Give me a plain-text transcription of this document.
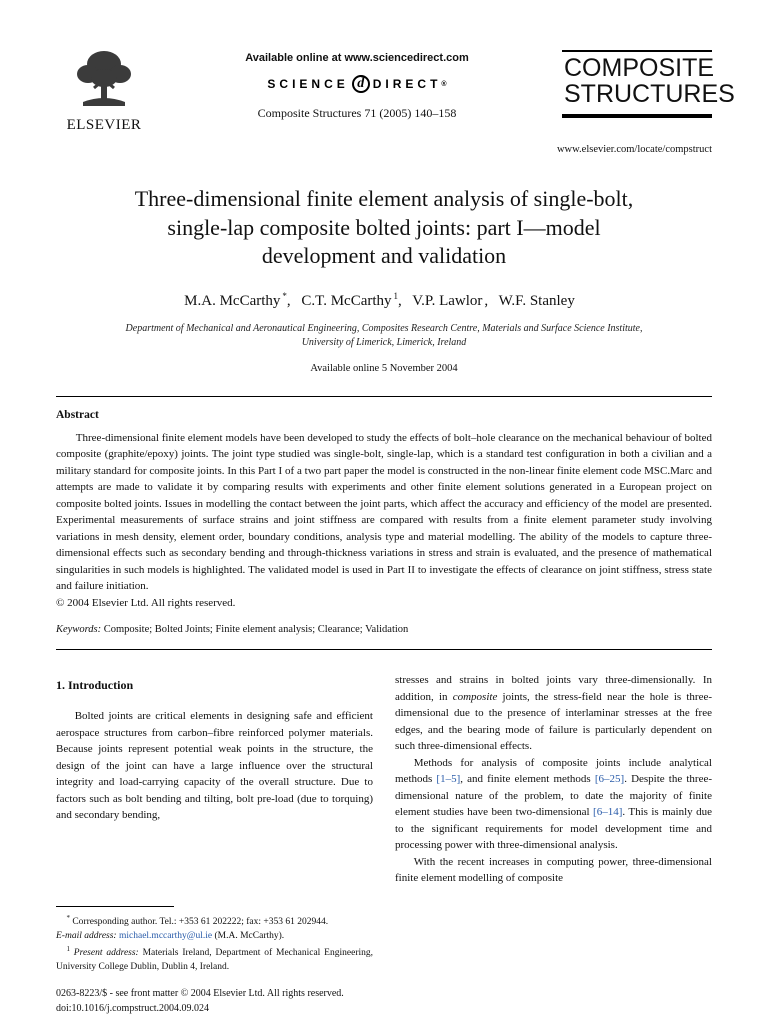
ELSEVIER
Available online at www.sciencedirect.com
SCIENCE d DIRECT ®
Composite Structures 71 (2005) 140–158
COMPOSITE
STRUCTURES
www.elsevier.com/locate/compstruct
Three-dimensional finite element analysis of single-bolt,
single-lap composite bolted joints: part I—model
development and validation
M.A. McCarthy *, C.T. McCarthy $^1$, V.P. Lawlor , W.F. Stanley
Department of Mechanical and Aeronautical Engineering, Composites Research Centre, Materials and Surface Science Institute,
University of Limerick, Limerick, Ireland
Available online 5 November 2004
Abstract

Three-dimensional finite element models have been developed to study the effects of bolt–hole clearance on the mechanical behaviour of bolted composite (graphite/epoxy) joints. The joint type studied was single-bolt, single-lap, which is a standard test configuration in both a civilian and a military standard for composite joints. In this Part I of a two part paper the model is constructed in the non-linear finite element code MSC.Marc and attempts are made to validate it by comparing results with experiments and other finite element solutions generated in a European project on composite bolted joints. Issues in modelling the contact between the joint parts, which affect the accuracy and efficiency of the model are presented. Experimental measurements of surface strains and joint stiffness are compared with results from a finite element parameter study involving variations in mesh density, element order, boundary conditions, analysis type and material modelling. The ability of the models to capture three-dimensional effects such as secondary bending and through-thickness variations in stress and strain is evaluated, and the presence of mathematical singularities in such models is highlighted. The validated model is used in Part II to investigate the effects of clearance on joint stiffness, stress state and failure initiation.

© 2004 Elsevier Ltd. All rights reserved.

Keywords: Composite; Bolted Joints; Finite element analysis; Clearance; Validation

1. Introduction

Bolted joints are critical elements in designing safe and efficient aerospace structures from carbon–fibre reinforced polymer materials. Because joints represent potential weak points in the structure, the design of the joint can have a large influence over the structural integrity and load-carrying capacity of the overall structure. Due to factors such as bolt bending and tilting, bolt pre-load (due to torquing) and secondary bending,

* Corresponding author. Tel.: +353 61 202222; fax: +353 61 202944.

E-mail address: michael.mccarthy@ul.ie (M.A. McCarthy).

$^1$ Present address: Materials Ireland, Department of Mechanical Engineering, University College Dublin, Dublin 4, Ireland.

0263-8223/$ - see front matter © 2004 Elsevier Ltd. All rights reserved.
doi:10.1016/j.compstruct.2004.09.024

stresses and strains in bolted joints vary three-dimensionally. In addition, in composite joints, the stress-field near the hole is three-dimensional due to the presence of interlaminar stresses at the free edges, and the bearing mode of failure is particularly dependent on such three-dimensional effects.

Methods for analysis of composite joints include analytical methods [1–5], and finite element methods [6–25]. Despite the three-dimensional nature of the problem, to date the majority of finite element studies have been two-dimensional [6–14]. This is mainly due to the significant requirements for model development time and processing power with three-dimensional analysis.

With the recent increases in computing power, three-dimensional finite element modelling of composite
